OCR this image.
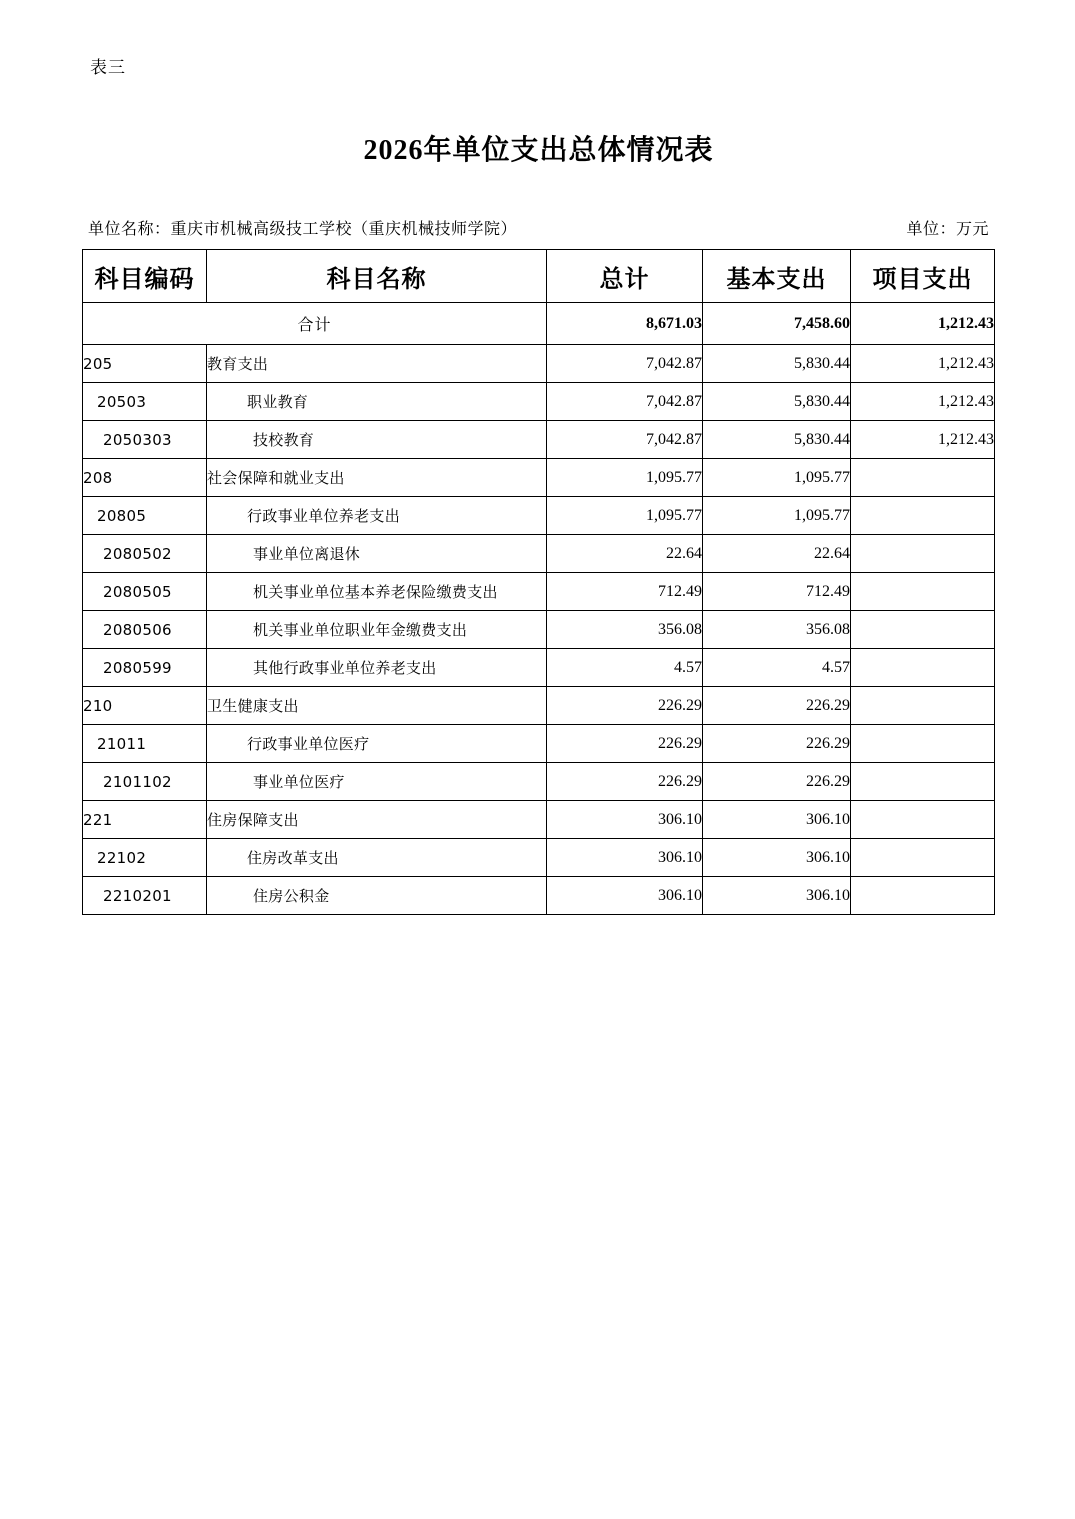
表三
2026年单位支出总体情况表
单位名称：重庆市机械高级技工学校（重庆机械技师学院）	单位：万元
科目编码	科目名称	总计	基本支出	项目支出
合计		8,671.03	7,458.60	1,212.43
205	教育支出	7,042.87	5,830.44	1,212.43
20503	职业教育	7,042.87	5,830.44	1,212.43
2050303	技校教育	7,042.87	5,830.44	1,212.43
208	社会保障和就业支出	1,095.77	1,095.77	
20805	行政事业单位养老支出	1,095.77	1,095.77	
2080502	事业单位离退休	22.64	22.64	
2080505	机关事业单位基本养老保险缴费支出	712.49	712.49	
2080506	机关事业单位职业年金缴费支出	356.08	356.08	
2080599	其他行政事业单位养老支出	4.57	4.57	
210	卫生健康支出	226.29	226.29	
21011	行政事业单位医疗	226.29	226.29	
2101102	事业单位医疗	226.29	226.29	
221	住房保障支出	306.10	306.10	
22102	住房改革支出	306.10	306.10	
2210201	住房公积金	306.10	306.10	
